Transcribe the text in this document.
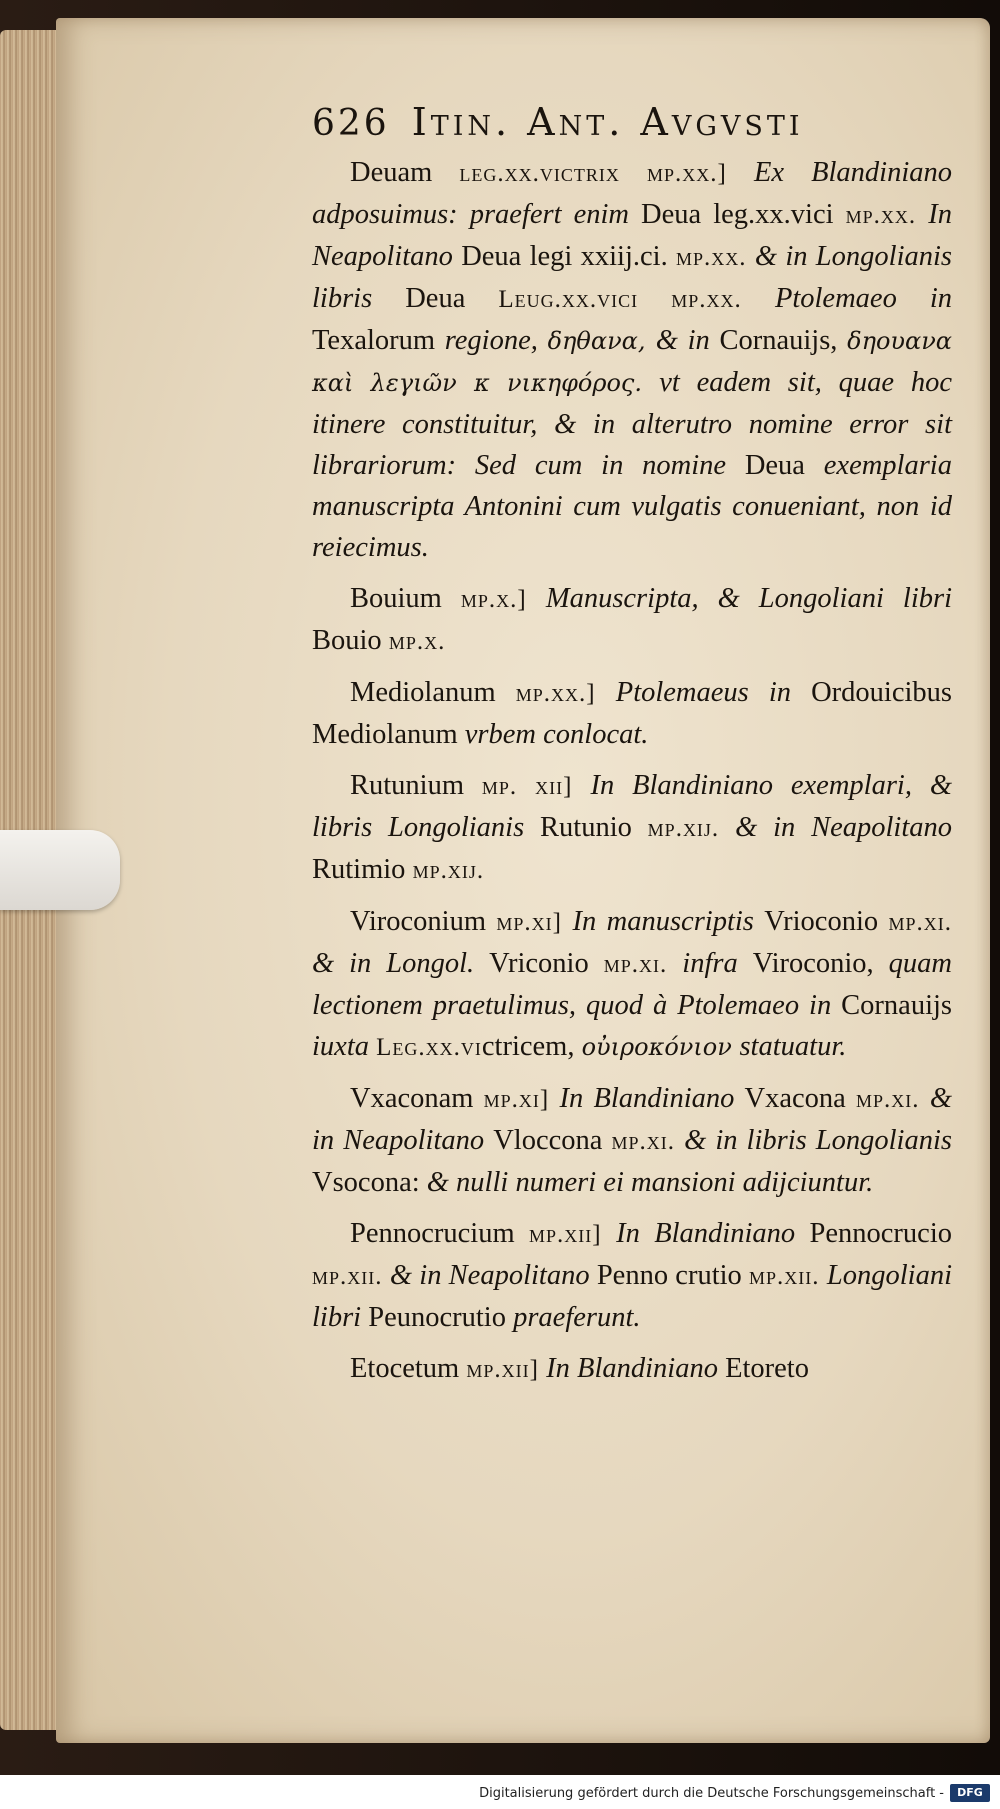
626 Itin. Ant. Avgvsti

Deuam leg.xx.victrix mp.xx.] Ex Blandiniano adposuimus: praefert enim Deua leg.xx.vici mp.xx. In Neapolitano Deua legi xxiij.ci. mp.xx. & in Longolianis libris Deua Leug.xx.vici mp.xx. Ptolemaeo in Texalorum regione, δηθανα, & in Cornauijs, δηουανα καὶ λεγιῶν κ νικηφόρος. vt eadem sit, quae hoc itinere constituitur, & in alterutro nomine error sit librariorum: Sed cum in nomine Deua exemplaria manuscripta Antonini cum vulgatis conueniant, non id reiecimus.

Bouium mp.x.] Manuscripta, & Longoliani libri Bouio mp.x.

Mediolanum mp.xx.] Ptolemaeus in Ordouicibus Mediolanum vrbem conlocat.

Rutunium mp. xii] In Blandiniano exemplari, & libris Longolianis Rutunio mp.xij. & in Neapolitano Rutimio mp.xij.

Viroconium mp.xi] In manuscriptis Vrioconio mp.xi. & in Longol. Vriconio mp.xi. infra Viroconio, quam lectionem praetulimus, quod à Ptolemaeo in Cornauijs iuxta Leg.xx.victricem, οὐιροκόνιον statuatur.

Vxaconam mp.xi] In Blandiniano Vxacona mp.xi. & in Neapolitano Vloccona mp.xi. & in libris Longolianis Vsocona: & nulli numeri ei mansioni adijciuntur.

Pennocrucium mp.xii] In Blandiniano Pennocrucio mp.xii. & in Neapolitano Penno crutio mp.xii. Longoliani libri Peunocrutio praeferunt.

Etocetum mp.xii] In Blandiniano Etoreto

Digitalisierung gefördert durch die Deutsche Forschungsgemeinschaft -	DFG
